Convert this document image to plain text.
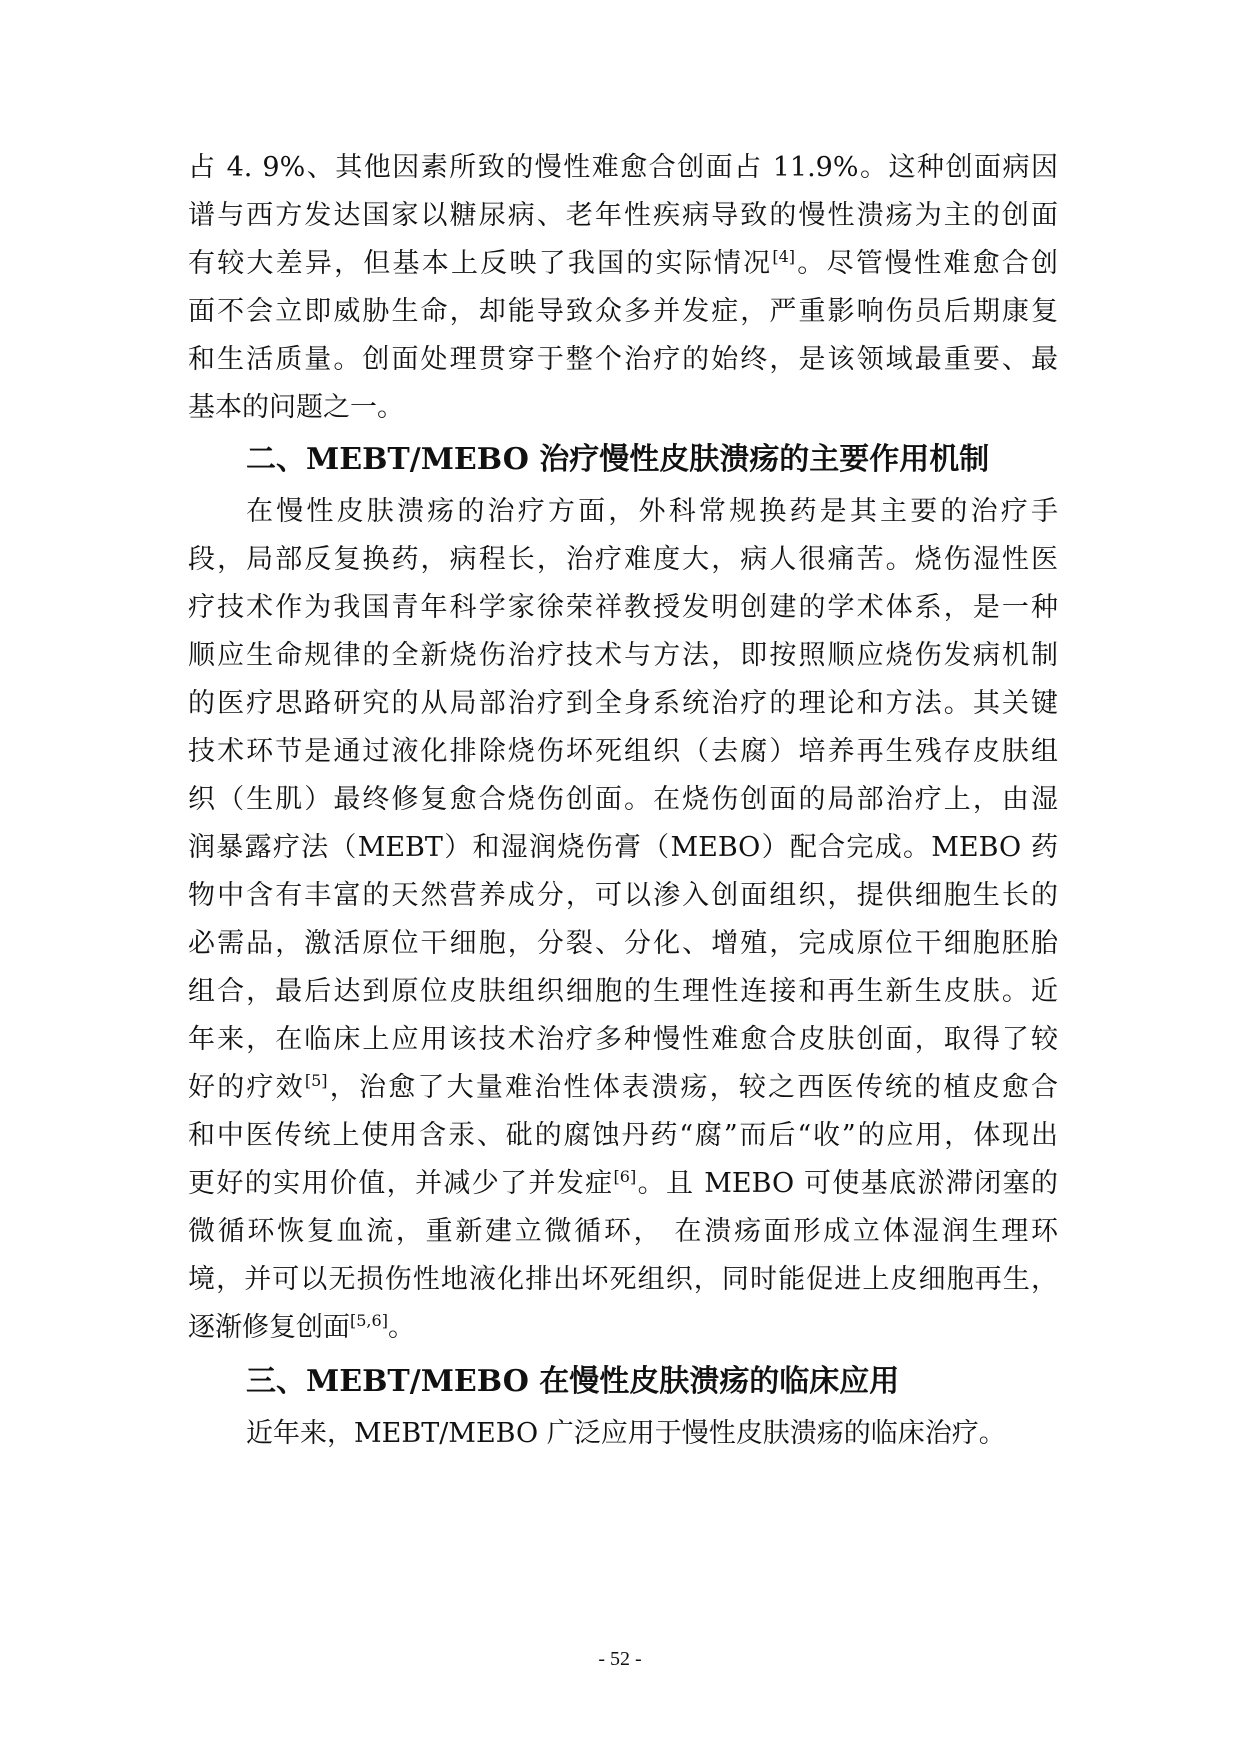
占 4. 9%、其他因素所致的慢性难愈合创面占 11.9%。这种创面病因
谱与西方发达国家以糖尿病、老年性疾病导致的慢性溃疡为主的创面
有较大差异，但基本上反映了我国的实际情况[4]。尽管慢性难愈合创
面不会立即威胁生命，却能导致众多并发症，严重影响伤员后期康复
和生活质量。创面处理贯穿于整个治疗的始终，是该领域最重要、最
基本的问题之一。
二、MEBT/MEBO 治疗慢性皮肤溃疡的主要作用机制
在慢性皮肤溃疡的治疗方面，外科常规换药是其主要的治疗手
段，局部反复换药，病程长，治疗难度大，病人很痛苦。烧伤湿性医
疗技术作为我国青年科学家徐荣祥教授发明创建的学术体系，是一种
顺应生命规律的全新烧伤治疗技术与方法，即按照顺应烧伤发病机制
的医疗思路研究的从局部治疗到全身系统治疗的理论和方法。其关键
技术环节是通过液化排除烧伤坏死组织（去腐）培养再生残存皮肤组
织（生肌）最终修复愈合烧伤创面。在烧伤创面的局部治疗上，由湿
润暴露疗法（MEBT）和湿润烧伤膏（MEBO）配合完成。MEBO 药
物中含有丰富的天然营养成分，可以渗入创面组织，提供细胞生长的
必需品，激活原位干细胞，分裂、分化、增殖，完成原位干细胞胚胎
组合，最后达到原位皮肤组织细胞的生理性连接和再生新生皮肤。近
年来，在临床上应用该技术治疗多种慢性难愈合皮肤创面，取得了较
好的疗效[5]，治愈了大量难治性体表溃疡，较之西医传统的植皮愈合
和中医传统上使用含汞、砒的腐蚀丹药“腐”而后“收”的应用，体现出
更好的实用价值，并减少了并发症[6]。且 MEBO 可使基底淤滞闭塞的
微循环恢复血流，重新建立微循环， 在溃疡面形成立体湿润生理环
境，并可以无损伤性地液化排出坏死组织，同时能促进上皮细胞再生，
逐渐修复创面[5,6]。
三、MEBT/MEBO 在慢性皮肤溃疡的临床应用
近年来，MEBT/MEBO 广泛应用于慢性皮肤溃疡的临床治疗。
- 52 -
